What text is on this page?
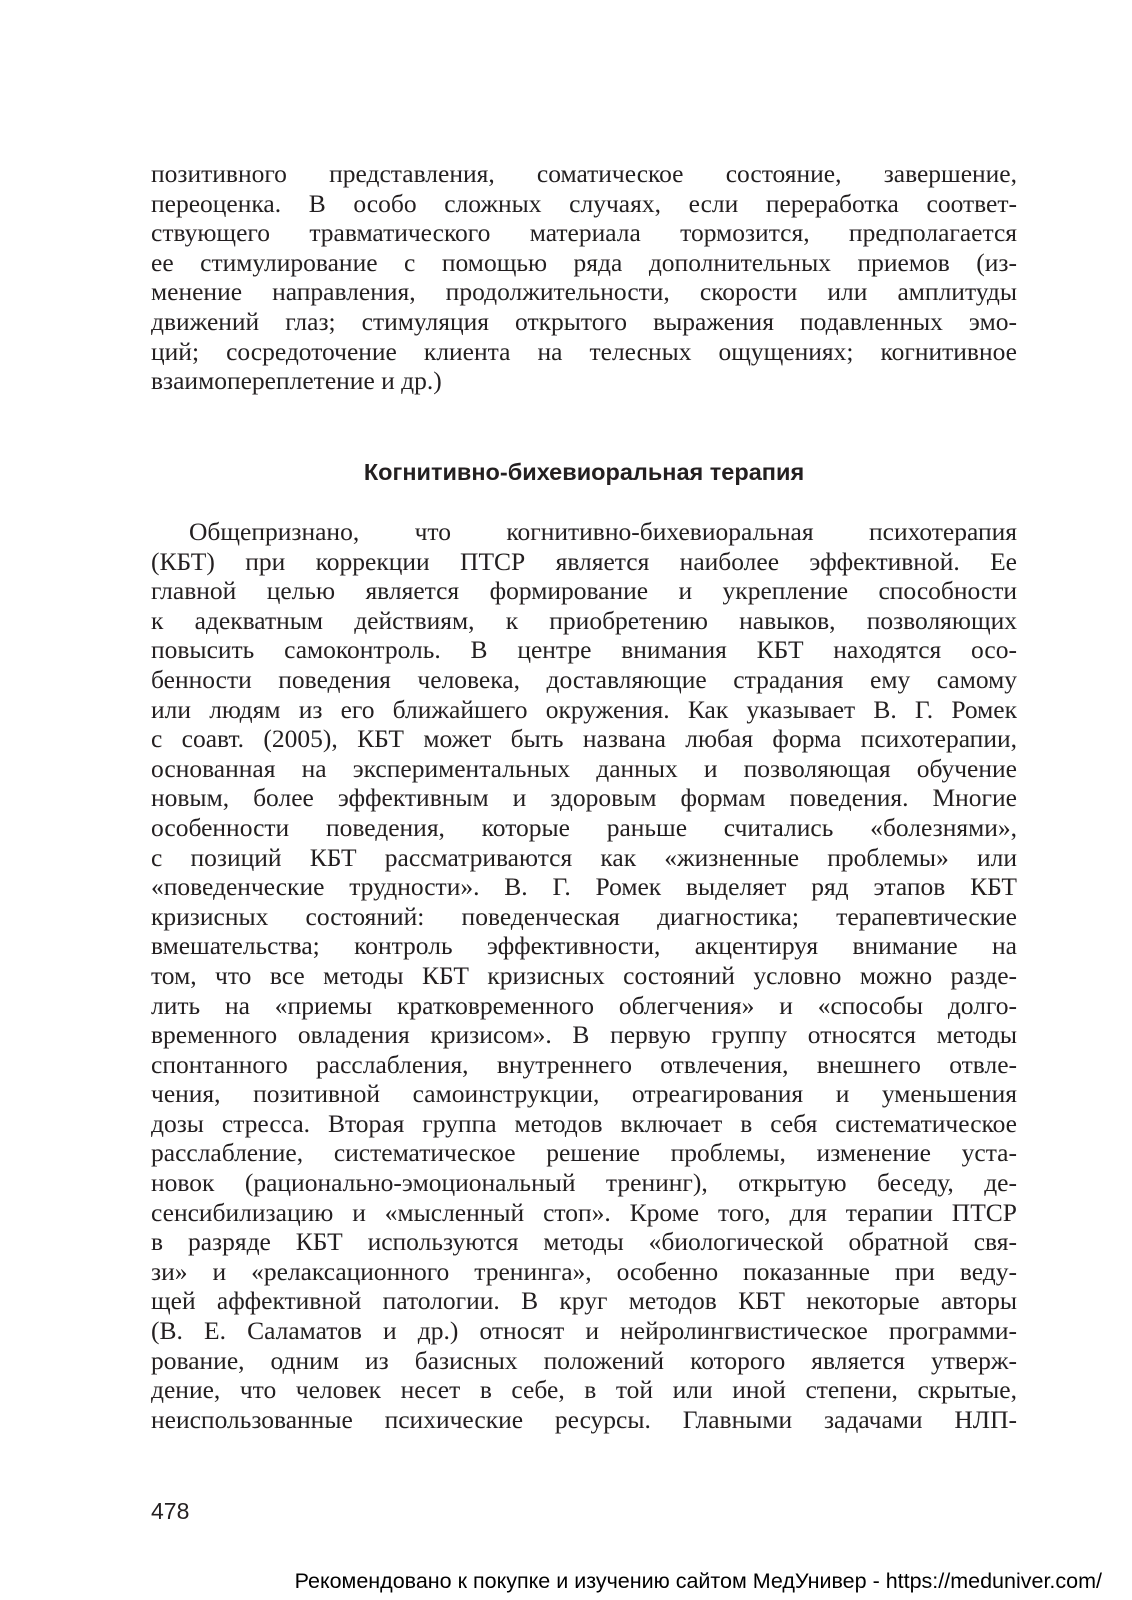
позитивного представления, соматическое состояние, завершение,
переоценка. В особо сложных случаях, если переработка соответ-
ствующего травматического материала тормозится, предполагается
ее стимулирование с помощью ряда дополнительных приемов (из-
менение направления, продолжительности, скорости или амплитуды
движений глаз; стимуляция открытого выражения подавленных эмо-
ций; сосредоточение клиента на телесных ощущениях; когнитивное
взаимопереплетение и др.)
Когнитивно-бихевиоральная терапия
Общепризнано, что когнитивно-бихевиоральная психотерапия
(КБТ) при коррекции ПТСР является наиболее эффективной. Ее
главной целью является формирование и укрепление способности
к адекватным действиям, к приобретению навыков, позволяющих
повысить самоконтроль. В центре внимания КБТ находятся осо-
бенности поведения человека, доставляющие страдания ему самому
или людям из его ближайшего окружения. Как указывает В. Г. Ромек
с соавт. (2005), КБТ может быть названа любая форма психотерапии,
основанная на экспериментальных данных и позволяющая обучение
новым, более эффективным и здоровым формам поведения. Многие
особенности поведения, которые раньше считались «болезнями»,
с позиций КБТ рассматриваются как «жизненные проблемы» или
«поведенческие трудности». В. Г. Ромек выделяет ряд этапов КБТ
кризисных состояний: поведенческая диагностика; терапевтические
вмешательства; контроль эффективности, акцентируя внимание на
том, что все методы КБТ кризисных состояний условно можно разде-
лить на «приемы кратковременного облегчения» и «способы долго-
временного овладения кризисом». В первую группу относятся методы
спонтанного расслабления, внутреннего отвлечения, внешнего отвле-
чения, позитивной самоинструкции, отреагирования и уменьшения
дозы стресса. Вторая группа методов включает в себя систематическое
расслабление, систематическое решение проблемы, изменение уста-
новок (рационально-эмоциональный тренинг), открытую беседу, де-
сенсибилизацию и «мысленный стоп». Кроме того, для терапии ПТСР
в разряде КБТ используются методы «биологической обратной свя-
зи» и «релаксационного тренинга», особенно показанные при веду-
щей аффективной патологии. В круг методов КБТ некоторые авторы
(В. Е. Саламатов и др.) относят и нейролингвистическое программи-
рование, одним из базисных положений которого является утверж-
дение, что человек несет в себе, в той или иной степени, скрытые,
неиспользованные психические ресурсы. Главными задачами НЛП-
478
Рекомендовано к покупке и изучению сайтом МедУнивер - https://meduniver.com/
